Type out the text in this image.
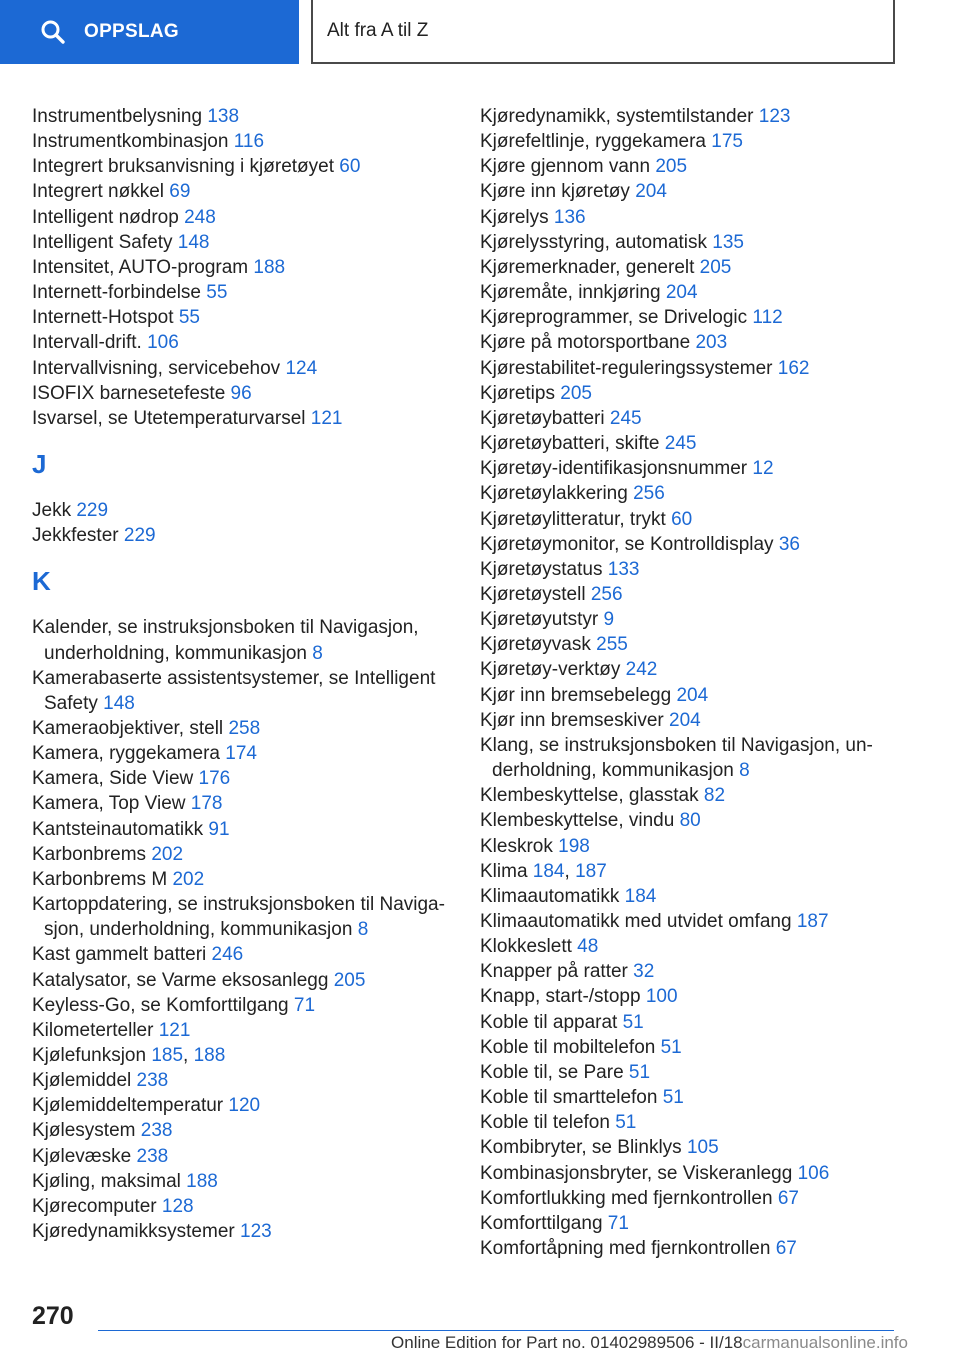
OPPSLAG	Alt fra A til Z

Instrumentbelysning 138

Instrumentkombinasjon 116

Integrert bruksanvisning i kjøretøyet 60

Integrert nøkkel 69

Intelligent nødrop 248

Intelligent Safety 148

Intensitet, AUTO-program 188

Internett-forbindelse 55

Internett-Hotspot 55

Intervall-drift. 106

Intervallvisning, servicebehov 124

ISOFIX barnesetefeste 96

Isvarsel, se Utetemperaturvarsel 121

J

Jekk 229

Jekkfester 229

K

Kalender, se instruksjonsboken til Navigasjon,
underholdning, kommunikasjon 8

Kamerabaserte assistentsystemer, se Intelligent
Safety 148

Kameraobjektiver, stell 258

Kamera, ryggekamera 174

Kamera, Side View 176

Kamera, Top View 178

Kantsteinautomatikk 91

Karbonbrems 202

Karbonbrems M 202

Kartoppdatering, se instruksjonsboken til Naviga-
sjon, underholdning, kommunikasjon 8

Kast gammelt batteri 246

Katalysator, se Varme eksosanlegg 205

Keyless-Go, se Komforttilgang 71

Kilometerteller 121

Kjølefunksjon 185, 188

Kjølemiddel 238

Kjølemiddeltemperatur 120

Kjølesystem 238

Kjølevæske 238

Kjøling, maksimal 188

Kjørecomputer 128

Kjøredynamikksystemer 123

Kjøredynamikk, systemtilstander 123

Kjørefeltlinje, ryggekamera 175

Kjøre gjennom vann 205

Kjøre inn kjøretøy 204

Kjørelys 136

Kjørelysstyring, automatisk 135

Kjøremerknader, generelt 205

Kjøremåte, innkjøring 204

Kjøreprogrammer, se Drivelogic 112

Kjøre på motorsportbane 203

Kjørestabilitet-reguleringssystemer 162

Kjøretips 205

Kjøretøybatteri 245

Kjøretøybatteri, skifte 245

Kjøretøy-identifikasjonsnummer 12

Kjøretøylakkering 256

Kjøretøylitteratur, trykt 60

Kjøretøymonitor, se Kontrolldisplay 36

Kjøretøystatus 133

Kjøretøystell 256

Kjøretøyutstyr 9

Kjøretøyvask 255

Kjøretøy-verktøy 242

Kjør inn bremsebelegg 204

Kjør inn bremseskiver 204

Klang, se instruksjonsboken til Navigasjon, un-
derholdning, kommunikasjon 8

Klembeskyttelse, glasstak 82

Klembeskyttelse, vindu 80

Kleskrok 198

Klima 184, 187

Klimaautomatikk 184

Klimaautomatikk med utvidet omfang 187

Klokkeslett 48

Knapper på ratter 32

Knapp, start-/stopp 100

Koble til apparat 51

Koble til mobiltelefon 51

Koble til, se Pare 51

Koble til smarttelefon 51

Koble til telefon 51

Kombibryter, se Blinklys 105

Kombinasjonsbryter, se Viskeranlegg 106

Komfortlukking med fjernkontrollen 67

Komforttilgang 71

Komfortåpning med fjernkontrollen 67

270
Online Edition for Part no. 01402989506 - II/18carmanualsonline.info
